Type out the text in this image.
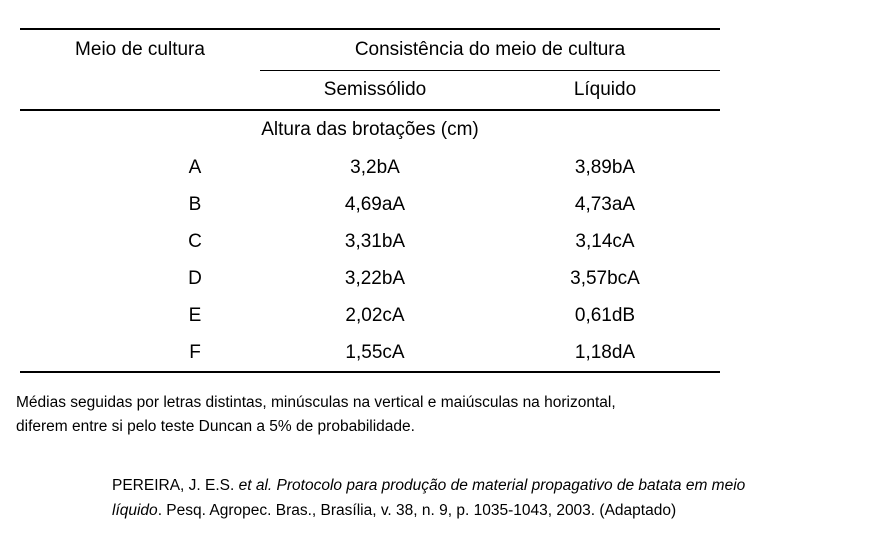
Meio de cultura	Consistência do meio de cultura	
	Semissólido	Líquido
Altura das brotações (cm)		
A	3,2bA	3,89bA
B	4,69aA	4,73aA
C	3,31bA	3,14cA
D	3,22bA	3,57bcA
E	2,02cA	0,61dB
F	1,55cA	1,18dA
Médias seguidas por letras distintas, minúsculas na vertical e maiúsculas na horizontal,
diferem entre si pelo teste Duncan a 5% de probabilidade.
PEREIRA, J. E.S. et al. Protocolo para produção de material propagativo de batata em meio
líquido. Pesq. Agropec. Bras., Brasília, v. 38, n. 9, p. 1035-1043, 2003. (Adaptado)
